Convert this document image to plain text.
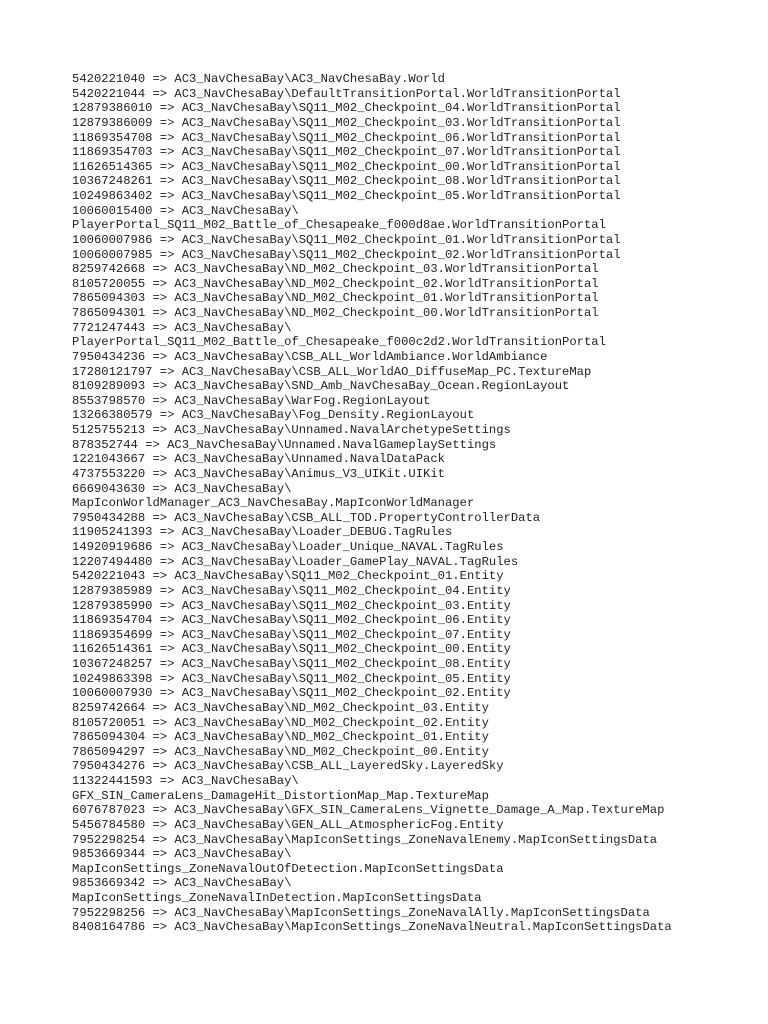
5420221040 => AC3_NavChesaBay\AC3_NavChesaBay.World
5420221044 => AC3_NavChesaBay\DefaultTransitionPortal.WorldTransitionPortal
12879386010 => AC3_NavChesaBay\SQ11_M02_Checkpoint_04.WorldTransitionPortal
12879386009 => AC3_NavChesaBay\SQ11_M02_Checkpoint_03.WorldTransitionPortal
11869354708 => AC3_NavChesaBay\SQ11_M02_Checkpoint_06.WorldTransitionPortal
11869354703 => AC3_NavChesaBay\SQ11_M02_Checkpoint_07.WorldTransitionPortal
11626514365 => AC3_NavChesaBay\SQ11_M02_Checkpoint_00.WorldTransitionPortal
10367248261 => AC3_NavChesaBay\SQ11_M02_Checkpoint_08.WorldTransitionPortal
10249863402 => AC3_NavChesaBay\SQ11_M02_Checkpoint_05.WorldTransitionPortal
10060015400 => AC3_NavChesaBay\
PlayerPortal_SQ11_M02_Battle_of_Chesapeake_f000d8ae.WorldTransitionPortal
10060007986 => AC3_NavChesaBay\SQ11_M02_Checkpoint_01.WorldTransitionPortal
10060007985 => AC3_NavChesaBay\SQ11_M02_Checkpoint_02.WorldTransitionPortal
8259742668 => AC3_NavChesaBay\ND_M02_Checkpoint_03.WorldTransitionPortal
8105720055 => AC3_NavChesaBay\ND_M02_Checkpoint_02.WorldTransitionPortal
7865094303 => AC3_NavChesaBay\ND_M02_Checkpoint_01.WorldTransitionPortal
7865094301 => AC3_NavChesaBay\ND_M02_Checkpoint_00.WorldTransitionPortal
7721247443 => AC3_NavChesaBay\
PlayerPortal_SQ11_M02_Battle_of_Chesapeake_f000c2d2.WorldTransitionPortal
7950434236 => AC3_NavChesaBay\CSB_ALL_WorldAmbiance.WorldAmbiance
17280121797 => AC3_NavChesaBay\CSB_ALL_WorldAO_DiffuseMap_PC.TextureMap
8109289093 => AC3_NavChesaBay\SND_Amb_NavChesaBay_Ocean.RegionLayout
8553798570 => AC3_NavChesaBay\WarFog.RegionLayout
13266380579 => AC3_NavChesaBay\Fog_Density.RegionLayout
5125755213 => AC3_NavChesaBay\Unnamed.NavalArchetypeSettings
878352744 => AC3_NavChesaBay\Unnamed.NavalGameplaySettings
1221043667 => AC3_NavChesaBay\Unnamed.NavalDataPack
4737553220 => AC3_NavChesaBay\Animus_V3_UIKit.UIKit
6669043630 => AC3_NavChesaBay\
MapIconWorldManager_AC3_NavChesaBay.MapIconWorldManager
7950434288 => AC3_NavChesaBay\CSB_ALL_TOD.PropertyControllerData
11905241393 => AC3_NavChesaBay\Loader_DEBUG.TagRules
14920919686 => AC3_NavChesaBay\Loader_Unique_NAVAL.TagRules
12207494480 => AC3_NavChesaBay\Loader_GamePlay_NAVAL.TagRules
5420221043 => AC3_NavChesaBay\SQ11_M02_Checkpoint_01.Entity
12879385989 => AC3_NavChesaBay\SQ11_M02_Checkpoint_04.Entity
12879385990 => AC3_NavChesaBay\SQ11_M02_Checkpoint_03.Entity
11869354704 => AC3_NavChesaBay\SQ11_M02_Checkpoint_06.Entity
11869354699 => AC3_NavChesaBay\SQ11_M02_Checkpoint_07.Entity
11626514361 => AC3_NavChesaBay\SQ11_M02_Checkpoint_00.Entity
10367248257 => AC3_NavChesaBay\SQ11_M02_Checkpoint_08.Entity
10249863398 => AC3_NavChesaBay\SQ11_M02_Checkpoint_05.Entity
10060007930 => AC3_NavChesaBay\SQ11_M02_Checkpoint_02.Entity
8259742664 => AC3_NavChesaBay\ND_M02_Checkpoint_03.Entity
8105720051 => AC3_NavChesaBay\ND_M02_Checkpoint_02.Entity
7865094304 => AC3_NavChesaBay\ND_M02_Checkpoint_01.Entity
7865094297 => AC3_NavChesaBay\ND_M02_Checkpoint_00.Entity
7950434276 => AC3_NavChesaBay\CSB_ALL_LayeredSky.LayeredSky
11322441593 => AC3_NavChesaBay\
GFX_SIN_CameraLens_DamageHit_DistortionMap_Map.TextureMap
6076787023 => AC3_NavChesaBay\GFX_SIN_CameraLens_Vignette_Damage_A_Map.TextureMap
5456784580 => AC3_NavChesaBay\GEN_ALL_AtmosphericFog.Entity
7952298254 => AC3_NavChesaBay\MapIconSettings_ZoneNavalEnemy.MapIconSettingsData
9853669344 => AC3_NavChesaBay\
MapIconSettings_ZoneNavalOutOfDetection.MapIconSettingsData
9853669342 => AC3_NavChesaBay\
MapIconSettings_ZoneNavalInDetection.MapIconSettingsData
7952298256 => AC3_NavChesaBay\MapIconSettings_ZoneNavalAlly.MapIconSettingsData
8408164786 => AC3_NavChesaBay\MapIconSettings_ZoneNavalNeutral.MapIconSettingsData
